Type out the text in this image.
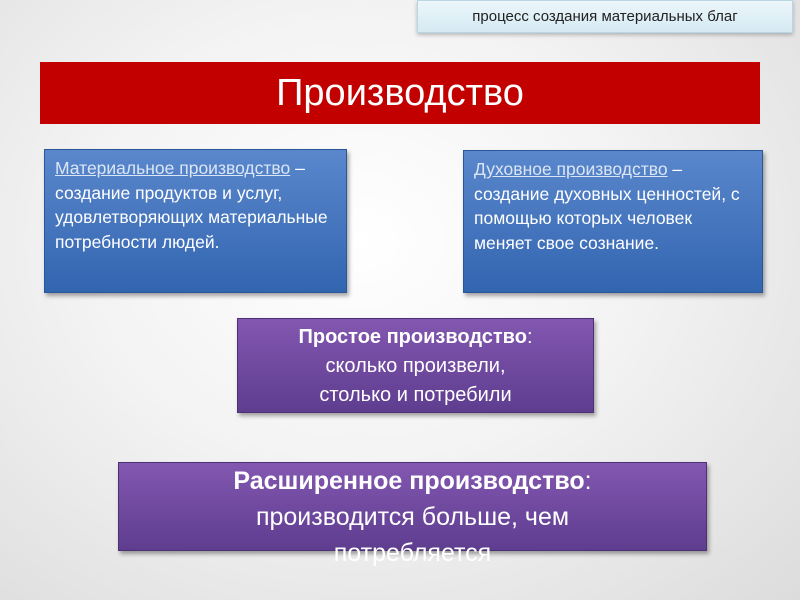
процесс создания материальных благ
Производство
Материальное производство – создание продуктов и услуг, удовлетворяющих материальные потребности людей.
Духовное производство – создание духовных ценностей, с помощью которых человек меняет свое сознание.
Простое производство:
сколько произвели,
столько и потребили
Расширенное производство:
производится больше, чем
потребляется
